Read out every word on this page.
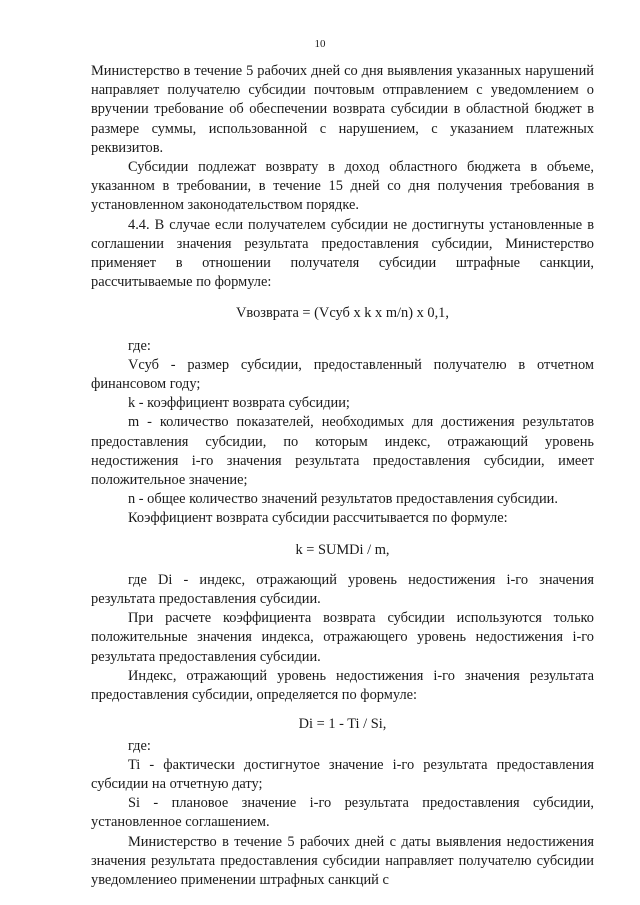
10

Министерство в течение 5 рабочих дней со дня выявления указанных нарушений направляет получателю субсидии почтовым отправлением с уведомлением о вручении требование об обеспечении возврата субсидии в областной бюджет в размере суммы, использованной с нарушением, с указанием платежных реквизитов.

Субсидии подлежат возврату в доход областного бюджета в объеме, указанном в требовании, в течение 15 дней со дня получения требования в установленном законодательством порядке.

4.4. В случае если получателем субсидии не достигнуты установленные в соглашении значения результата предоставления субсидии, Министерство применяет в отношении получателя субсидии штрафные санкции, рассчитываемые по формуле:

Vвозврата = (Vсуб x k x m/n) x 0,1,

где:

Vсуб - размер субсидии, предоставленный получателю в отчетном финансовом году;

k - коэффициент возврата субсидии;

m - количество показателей, необходимых для достижения результатов предоставления субсидии, по которым индекс, отражающий уровень недостижения i-го значения результата предоставления субсидии, имеет положительное значение;

n - общее количество значений результатов предоставления субсидии.

Коэффициент возврата субсидии рассчитывается по формуле:

k = SUMDi / m,

где Di - индекс, отражающий уровень недостижения i-го значения результата предоставления субсидии.

При расчете коэффициента возврата субсидии используются только положительные значения индекса, отражающего уровень недостижения i-го результата предоставления субсидии.

Индекс, отражающий уровень недостижения i-го значения результата предоставления субсидии, определяется по формуле:

Di = 1 - Ti / Si,

где:

Ti - фактически достигнутое значение i-го результата предоставления субсидии на отчетную дату;

Si - плановое значение i-го результата предоставления субсидии, установленное соглашением.

Министерство в течение 5 рабочих дней с даты выявления недостижения значения результата предоставления субсидии направляет получателю субсидии уведомлениео применении штрафных санкций с
